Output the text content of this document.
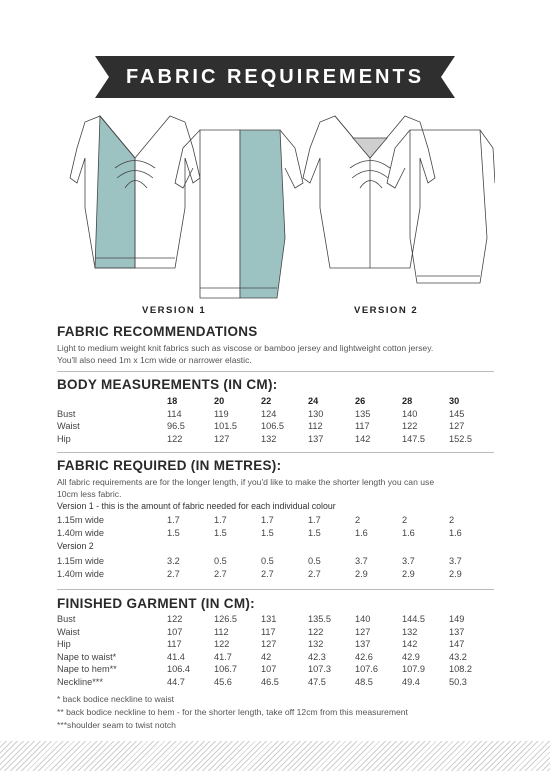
FABRIC REQUIREMENTS
VERSION 1	VERSION 2
FABRIC RECOMMENDATIONS
Light to medium weight knit fabrics such as viscose or bamboo jersey and lightweight cotton jersey.
You'll also need 1m x 1cm wide or narrower elastic.
BODY MEASUREMENTS (IN CM):
	18	20	22	24	26	28	30
Bust	114	119	124	130	135	140	145
Waist	96.5	101.5	106.5	112	117	122	127
Hip	122	127	132	137	142	147.5	152.5
FABRIC REQUIRED (IN METRES):
All fabric requirements are for the longer length, if you'd like to make the shorter length you can use
10cm less fabric.
Version 1 - this is the amount of fabric needed for each individual colour
1.15m wide	1.7	1.7	1.7	1.7	2	2	2
1.40m wide	1.5	1.5	1.5	1.5	1.6	1.6	1.6
Version 2
1.15m wide	3.2	0.5	0.5	0.5	3.7	3.7	3.7
1.40m wide	2.7	2.7	2.7	2.7	2.9	2.9	2.9
FINISHED GARMENT (IN CM):
Bust	122	126.5	131	135.5	140	144.5	149
Waist	107	112	117	122	127	132	137
Hip	117	122	127	132	137	142	147
Nape to waist*	41.4	41.7	42	42.3	42.6	42.9	43.2
Nape to hem**	106.4	106.7	107	107.3	107.6	107.9	108.2
Neckline***	44.7	45.6	46.5	47.5	48.5	49.4	50.3
* back bodice neckline to waist
** back bodice neckline to hem - for the shorter length, take off 12cm from this measurement
***shoulder seam to twist notch
